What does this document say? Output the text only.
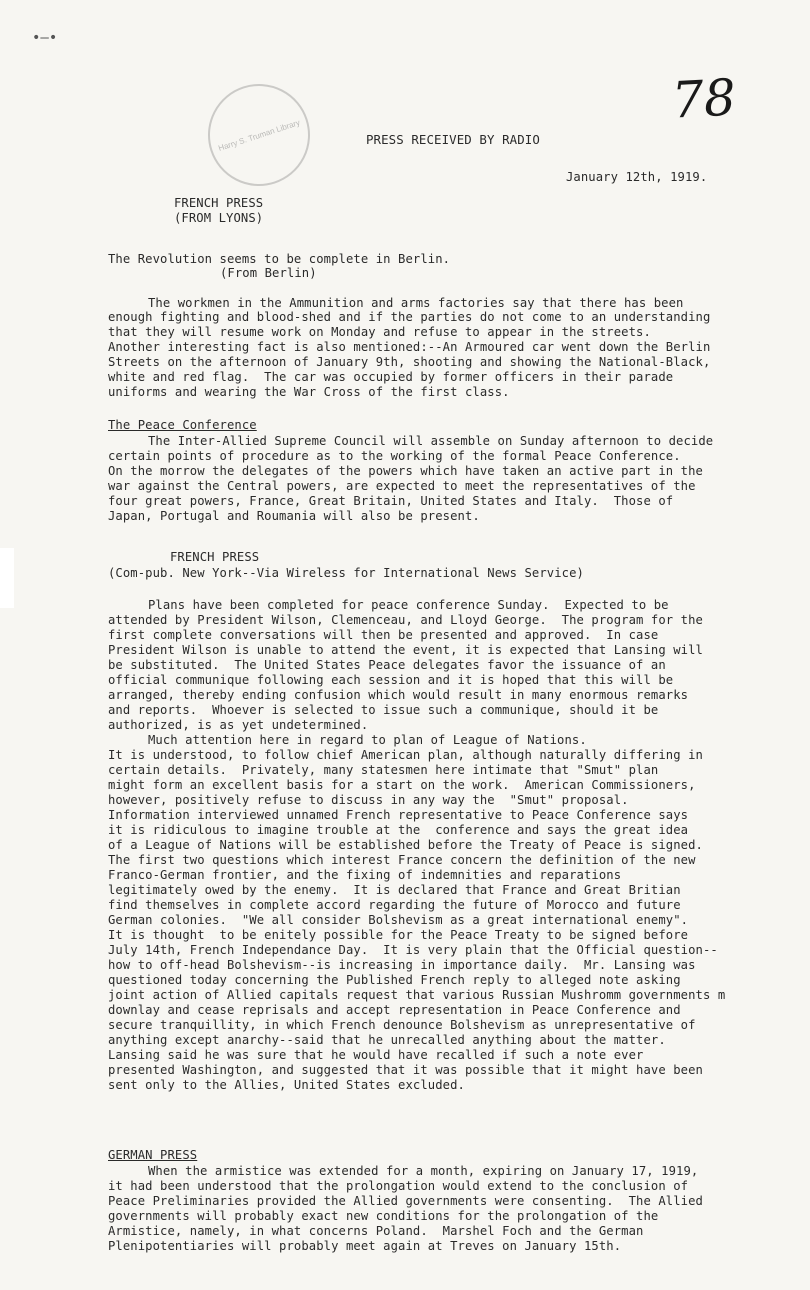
•‒•
Harry S. Truman Library
78
PRESS RECEIVED BY RADIO
January 12th, 1919.
FRENCH PRESS
(FROM LYONS)
The Revolution seems to be complete in Berlin.
(From Berlin)
The workmen in the Ammunition and arms factories say that there has been
enough fighting and blood-shed and if the parties do not come to an understanding
that they will resume work on Monday and refuse to appear in the streets.
Another interesting fact is also mentioned:--An Armoured car went down the Berlin
Streets on the afternoon of January 9th, shooting and showing the National-Black,
white and red flag.  The car was occupied by former officers in their parade
uniforms and wearing the War Cross of the first class.
The Peace Conference
The Inter-Allied Supreme Council will assemble on Sunday afternoon to decide
certain points of procedure as to the working of the formal Peace Conference.
On the morrow the delegates of the powers which have taken an active part in the
war against the Central powers, are expected to meet the representatives of the
four great powers, France, Great Britain, United States and Italy.  Those of
Japan, Portugal and Roumania will also be present.
FRENCH PRESS
(Com-pub. New York--Via Wireless for International News Service)
Plans have been completed for peace conference Sunday.  Expected to be
attended by President Wilson, Clemenceau, and Lloyd George.  The program for the
first complete conversations will then be presented and approved.  In case
President Wilson is unable to attend the event, it is expected that Lansing will
be substituted.  The United States Peace delegates favor the issuance of an
official communique following each session and it is hoped that this will be
arranged, thereby ending confusion which would result in many enormous remarks
and reports.  Whoever is selected to issue such a communique, should it be
authorized, is as yet undetermined.
Much attention here in regard to plan of League of Nations.
It is understood, to follow chief American plan, although naturally differing in
certain details.  Privately, many statesmen here intimate that "Smut" plan
might form an excellent basis for a start on the work.  American Commissioners,
however, positively refuse to discuss in any way the  "Smut" proposal.
Information interviewed unnamed French representative to Peace Conference says
it is ridiculous to imagine trouble at the  conference and says the great idea
of a League of Nations will be established before the Treaty of Peace is signed.
The first two questions which interest France concern the definition of the new
Franco-German frontier, and the fixing of indemnities and reparations
legitimately owed by the enemy.  It is declared that France and Great Britian
find themselves in complete accord regarding the future of Morocco and future
German colonies.  "We all consider Bolshevism as a great international enemy".
It is thought  to be enitely possible for the Peace Treaty to be signed before
July 14th, French Independance Day.  It is very plain that the Official question--
how to off-head Bolshevism--is increasing in importance daily.  Mr. Lansing was
questioned today concerning the Published French reply to alleged note asking
joint action of Allied capitals request that various Russian Mushromm governments m
downlay and cease reprisals and accept representation in Peace Conference and
secure tranquillity, in which French denounce Bolshevism as unrepresentative of
anything except anarchy--said that he unrecalled anything about the matter.
Lansing said he was sure that he would have recalled if such a note ever
presented Washington, and suggested that it was possible that it might have been
sent only to the Allies, United States excluded.
GERMAN PRESS
When the armistice was extended for a month, expiring on January 17, 1919,
it had been understood that the prolongation would extend to the conclusion of
Peace Preliminaries provided the Allied governments were consenting.  The Allied
governments will probably exact new conditions for the prolongation of the
Armistice, namely, in what concerns Poland.  Marshel Foch and the German
Plenipotentiaries will probably meet again at Treves on January 15th.
